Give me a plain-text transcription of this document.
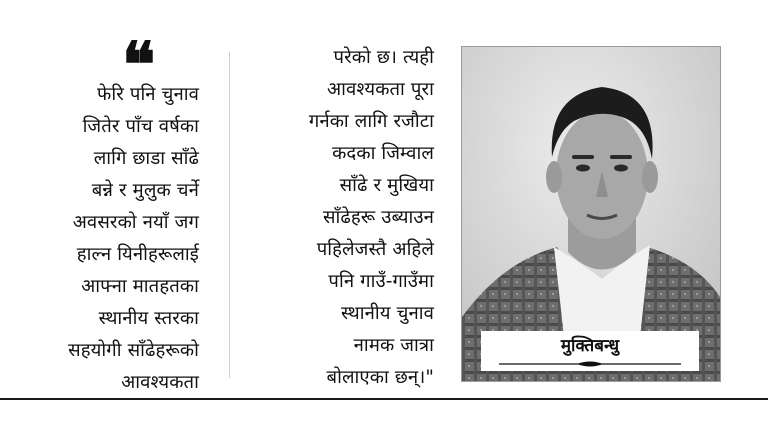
❝
फेरि पनि चुनाव
जितेर पाँच वर्षका
लागि छाडा साँढे
बन्ने र मुलुक चर्ने
अवसरको नयाँ जग
हाल्न यिनीहरूलाई
आफ्ना मातहतका
स्थानीय स्तरका
सहयोगी साँढेहरूको
आवश्यकता
परेको छ। त्यही
आवश्यकता पूरा
गर्नका लागि रजौटा
कदका जिम्वाल
साँढे र मुखिया
साँढेहरू उब्याउन
पहिलेजस्तै अहिले
पनि गाउँ-गाउँमा
स्थानीय चुनाव
नामक जात्रा
बोलाएका छन्।"
मुक्तिबन्धु
